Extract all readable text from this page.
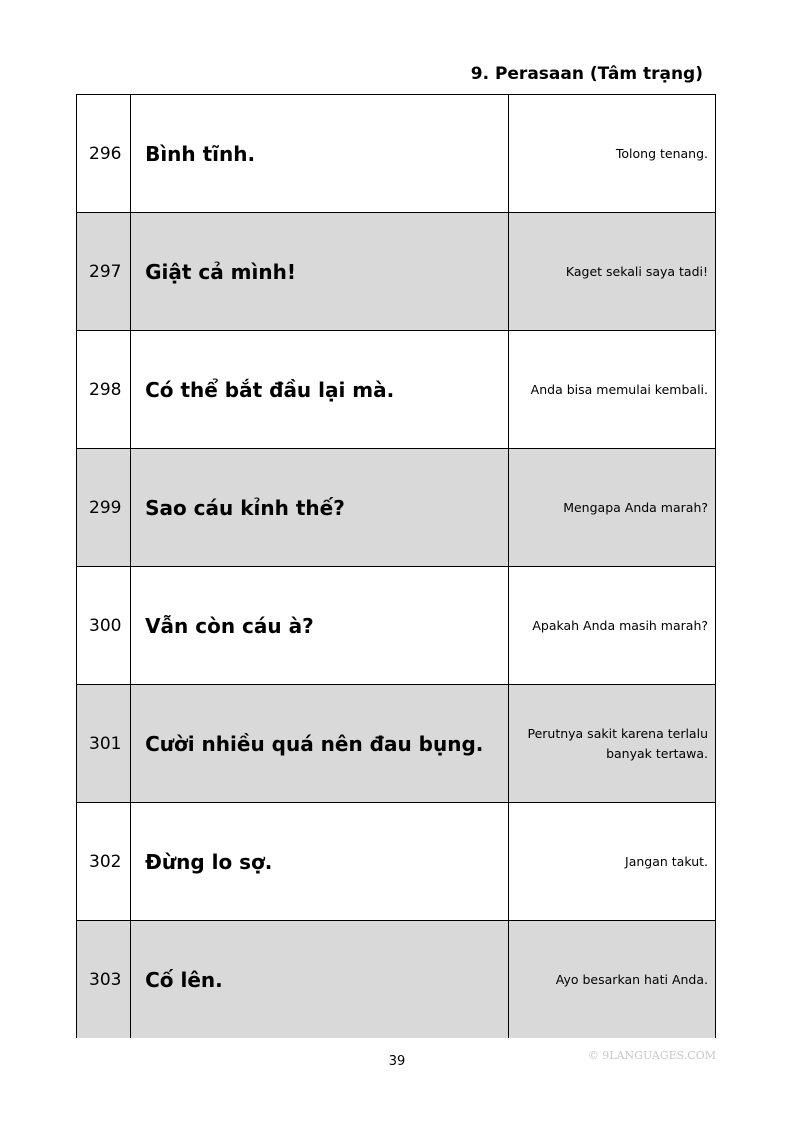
9. Perasaan (Tâm trạng)
296	Bình tĩnh.	Tolong tenang.
297	Giật cả mình!	Kaget sekali saya tadi!
298	Có thể bắt đầu lại mà.	Anda bisa memulai kembali.
299	Sao cáu kỉnh thế?	Mengapa Anda marah?
300	Vẫn còn cáu à?	Apakah Anda masih marah?
301	Cười nhiều quá nên đau bụng.	Perutnya sakit karena terlalu banyak tertawa.
302	Đừng lo sợ.	Jangan takut.
303	Cố lên.	Ayo besarkan hati Anda.
39	© 9LANGUAGES.COM
